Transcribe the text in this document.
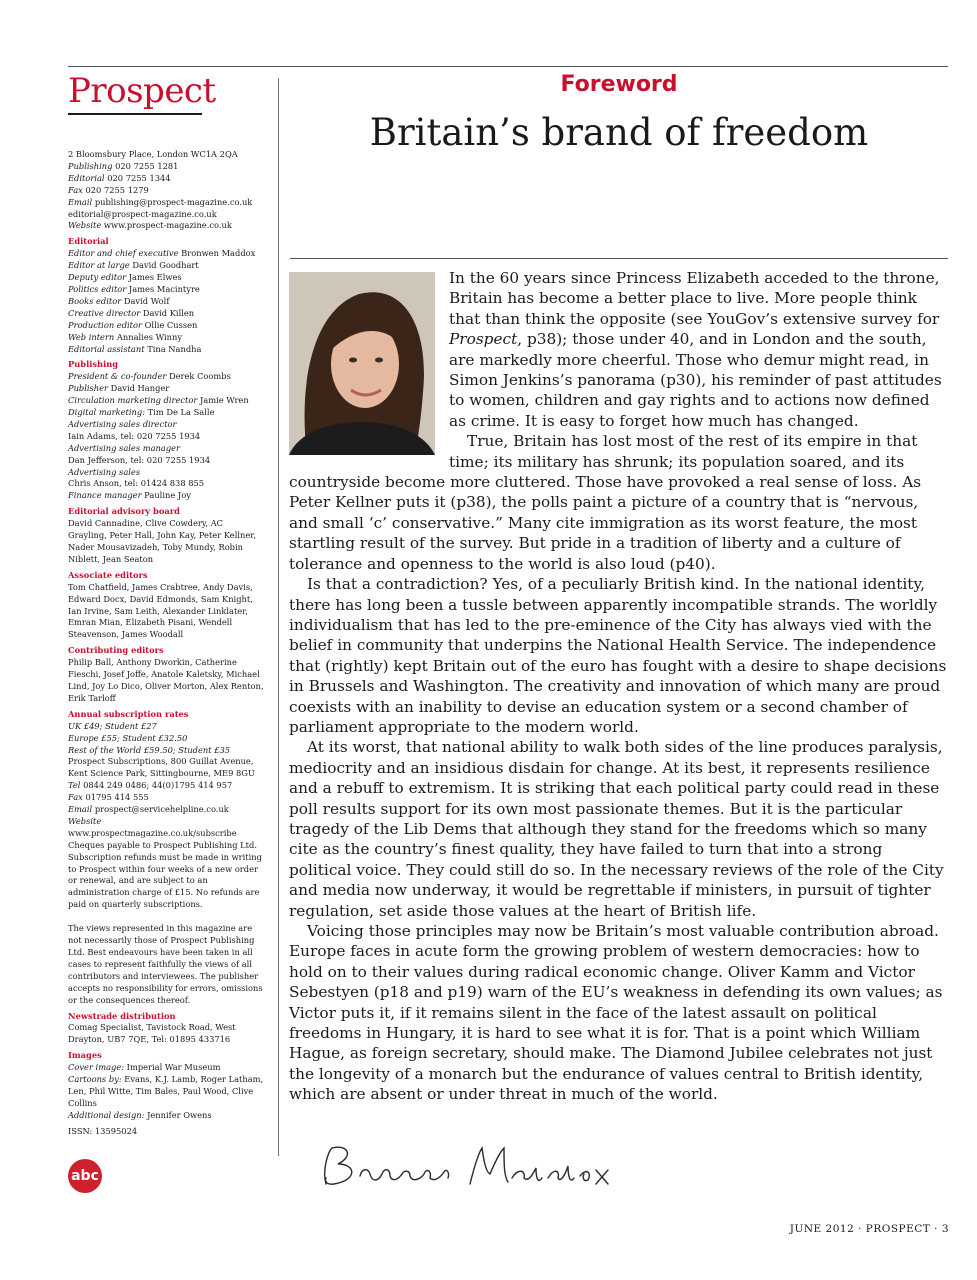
Prospect

2 Bloomsbury Place, London WC1A 2QA

Publishing 020 7255 1281

Editorial 020 7255 1344

Fax 020 7255 1279

Email publishing@prospect-magazine.co.uk

editorial@prospect-magazine.co.uk

Website www.prospect-magazine.co.uk

Editorial

Editor and chief executive Bronwen Maddox

Editor at large David Goodhart

Deputy editor James Elwes

Politics editor James Macintyre

Books editor David Wolf

Creative director David Killen

Production editor Ollie Cussen

Web intern Annalies Winny

Editorial assistant Tina Nandha

Publishing

President & co-founder Derek Coombs

Publisher David Hanger

Circulation marketing director Jamie Wren

Digital marketing: Tim De La Salle

Advertising sales director

Iain Adams, tel: 020 7255 1934

Advertising sales manager

Dan Jefferson, tel: 020 7255 1934

Advertising sales

Chris Anson, tel: 01424 838 855

Finance manager Pauline Joy

Editorial advisory board

David Cannadine, Clive Cowdery, AC Grayling, Peter Hall, John Kay, Peter Kellner, Nader Mousavizadeh, Toby Mundy, Robin Niblett, Jean Seaton

Associate editors

Tom Chatfield, James Crabtree, Andy Davis, Edward Docx, David Edmonds, Sam Knight, Ian Irvine, Sam Leith, Alexander Linklater, Emran Mian, Elizabeth Pisani, Wendell Steavenson, James Woodall

Contributing editors

Philip Ball, Anthony Dworkin, Catherine Fieschi, Josef Joffe, Anatole Kaletsky, Michael Lind, Joy Lo Dico, Oliver Morton, Alex Renton, Erik Tarloff

Annual subscription rates

UK £49; Student £27

Europe £55; Student £32.50

Rest of the World £59.50; Student £35

Prospect Subscriptions, 800 Guillat Avenue, Kent Science Park, Sittingbourne, ME9 8GU

Tel 0844 249 0486; 44(0)1795 414 957

Fax 01795 414 555

Email prospect@servicehelpline.co.uk

Website www.prospectmagazine.co.uk/subscribe

Cheques payable to Prospect Publishing Ltd. Subscription refunds must be made in writing to Prospect within four weeks of a new order or renewal, and are subject to an administration charge of £15. No refunds are paid on quarterly subscriptions.

The views represented in this magazine are not necessarily those of Prospect Publishing Ltd. Best endeavours have been taken in all cases to represent faithfully the views of all contributors and interviewees. The publisher accepts no responsibility for errors, omissions or the consequences thereof.

Newstrade distribution

Comag Specialist, Tavistock Road, West Drayton, UB7 7QE, Tel: 01895 433716

Images

Cover image: Imperial War Museum

Cartoons by: Evans, K.J. Lamb, Roger Latham, Len, Phil Witte, Tim Bales, Paul Wood, Clive Collins

Additional design: Jennifer Owens

ISSN: 13595024

abc
Foreword
Britain’s brand of freedom

In the 60 years since Princess Elizabeth acceded to the throne, Britain has become a better place to live. More people think that than think the opposite (see YouGov’s extensive survey for Prospect, p38); those under 40, and in London and the south, are markedly more cheerful. Those who demur might read, in Simon Jenkins’s panorama (p30), his reminder of past attitudes to women, children and gay rights and to actions now defined as crime. It is easy to forget how much has changed.

True, Britain has lost most of the rest of its empire in that time; its military has shrunk; its population soared, and its countryside become more cluttered. Those have provoked a real sense of loss. As Peter Kellner puts it (p38), the polls paint a picture of a country that is “nervous, and small ‘c’ conservative.” Many cite immigration as its worst feature, the most startling result of the survey. But pride in a tradition of liberty and a culture of tolerance and openness to the world is also loud (p40).

Is that a contradiction? Yes, of a peculiarly British kind. In the national identity, there has long been a tussle between apparently incompatible strands. The worldly individualism that has led to the pre-eminence of the City has always vied with the belief in community that underpins the National Health Service. The independence that (rightly) kept Britain out of the euro has fought with a desire to shape decisions in Brussels and Washington. The creativity and innovation of which many are proud coexists with an inability to devise an education system or a second chamber of parliament appropriate to the modern world.

At its worst, that national ability to walk both sides of the line produces paralysis, mediocrity and an insidious disdain for change. At its best, it represents resilience and a rebuff to extremism. It is striking that each political party could read in these poll results support for its own most passionate themes. But it is the particular tragedy of the Lib Dems that although they stand for the freedoms which so many cite as the country’s finest quality, they have failed to turn that into a strong political voice. They could still do so. In the necessary reviews of the role of the City and media now underway, it would be regrettable if ministers, in pursuit of tighter regulation, set aside those values at the heart of British life.

Voicing those principles may now be Britain’s most valuable contribution abroad. Europe faces in acute form the growing problem of western democracies: how to hold on to their values during radical economic change. Oliver Kamm and Victor Sebestyen (p18 and p19) warn of the EU’s weakness in defending its own values; as Victor puts it, if it remains silent in the face of the latest assault on political freedoms in Hungary, it is hard to see what it is for. That is a point which William Hague, as foreign secretary, should make. The Diamond Jubilee celebrates not just the longevity of a monarch but the endurance of values central to British identity, which are absent or under threat in much of the world.

JUNE 2012 · PROSPECT · 3
